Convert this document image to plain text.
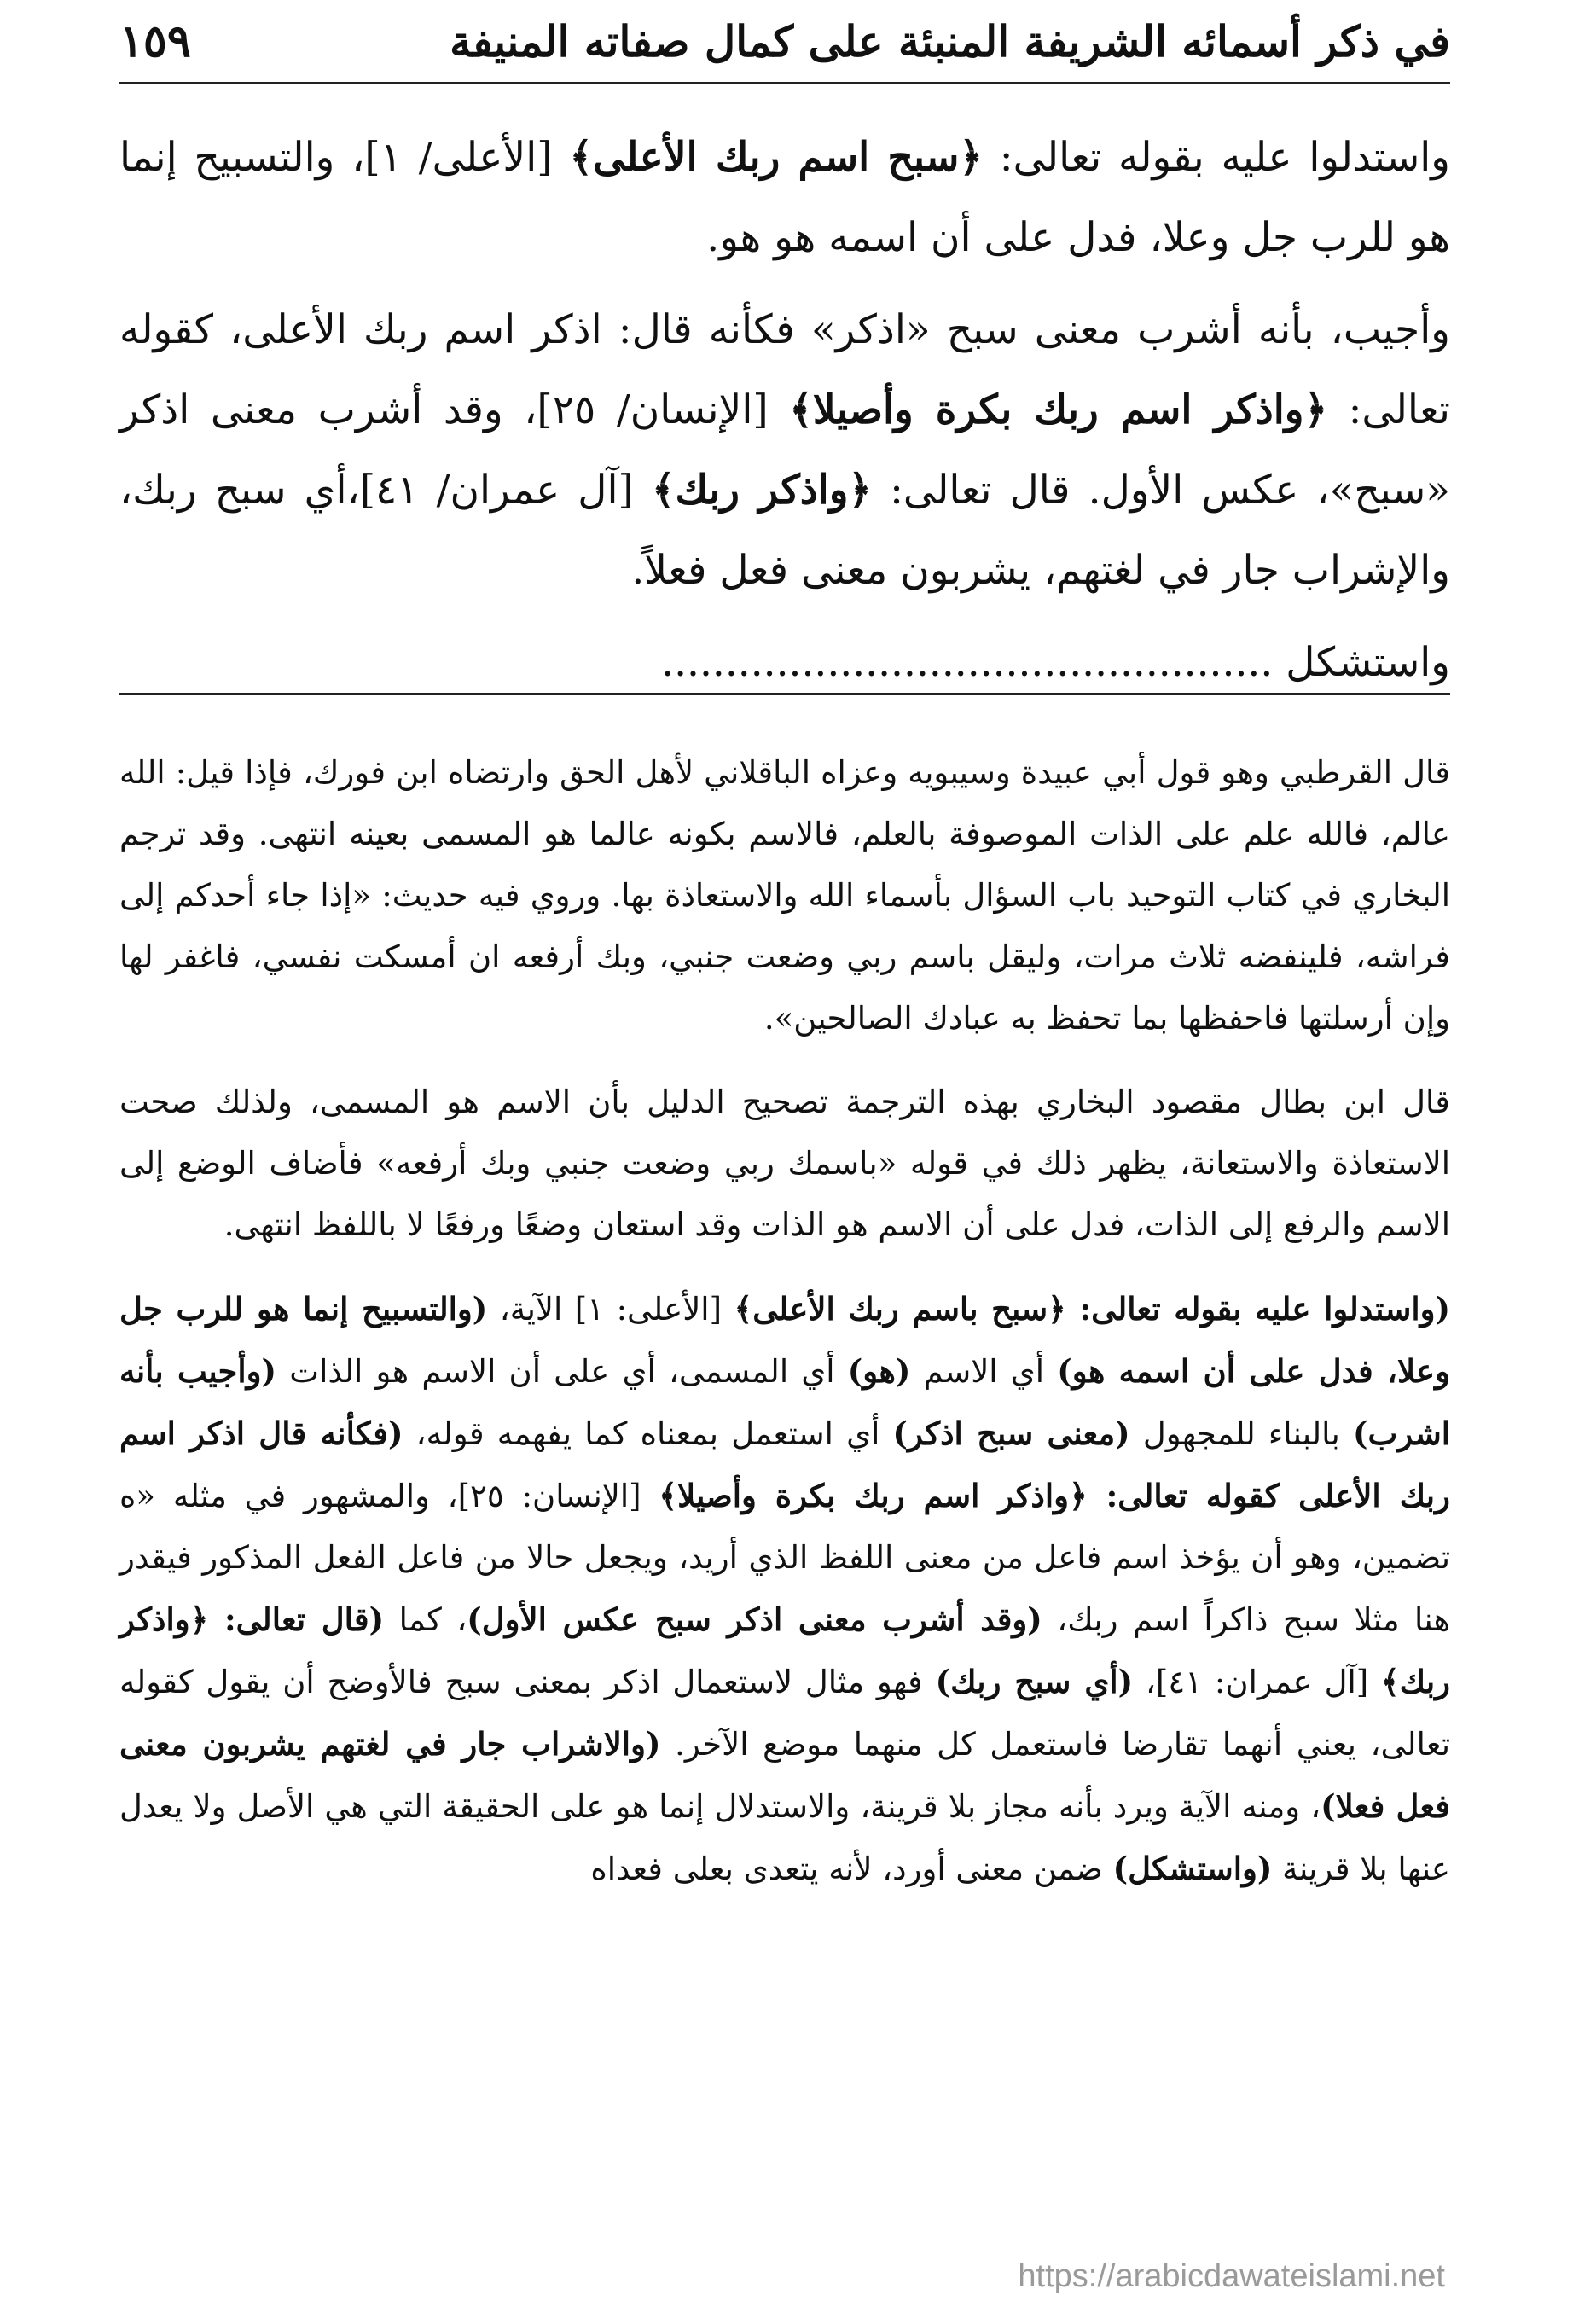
في ذكر أسمائه الشريفة المنبئة على كمال صفاته المنيفة
١٥٩

واستدلوا عليه بقوله تعالى: ﴿سبح اسم ربك الأعلى﴾ [الأعلى/ ١]، والتسبيح إنما هو للرب جل وعلا، فدل على أن اسمه هو هو.

وأجيب، بأنه أشرب معنى سبح «اذكر» فكأنه قال: اذكر اسم ربك الأعلى، كقوله تعالى: ﴿واذكر اسم ربك بكرة وأصيلا﴾ [الإنسان/ ٢٥]، وقد أشرب معنى اذكر «سبح»، عكس الأول. قال تعالى: ﴿واذكر ربك﴾ [آل عمران/ ٤١]،أي سبح ربك، والإشراب جار في لغتهم، يشربون معنى فعل فعلاً.

واستشكل ................................................

قال القرطبي وهو قول أبي عبيدة وسيبويه وعزاه الباقلاني لأهل الحق وارتضاه ابن فورك، فإذا قيل: الله عالم، فالله علم على الذات الموصوفة بالعلم، فالاسم بكونه عالما هو المسمى بعينه انتهى. وقد ترجم البخاري في كتاب التوحيد باب السؤال بأسماء الله والاستعاذة بها. وروي فيه حديث: «إذا جاء أحدكم إلى فراشه، فلينفضه ثلاث مرات، وليقل باسم ربي وضعت جنبي، وبك أرفعه ان أمسكت نفسي، فاغفر لها وإن أرسلتها فاحفظها بما تحفظ به عبادك الصالحين».

قال ابن بطال مقصود البخاري بهذه الترجمة تصحيح الدليل بأن الاسم هو المسمى، ولذلك صحت الاستعاذة والاستعانة، يظهر ذلك في قوله «باسمك ربي وضعت جنبي وبك أرفعه» فأضاف الوضع إلى الاسم والرفع إلى الذات، فدل على أن الاسم هو الذات وقد استعان وضعًا ورفعًا لا باللفظ انتهى.

(واستدلوا عليه بقوله تعالى: ﴿سبح باسم ربك الأعلى﴾ [الأعلى: ١] الآية، (والتسبيح إنما هو للرب جل وعلا، فدل على أن اسمه هو) أي الاسم (هو) أي المسمى، أي على أن الاسم هو الذات (وأجيب بأنه اشرب) بالبناء للمجهول (معنى سبح اذكر) أي استعمل بمعناه كما يفهمه قوله، (فكأنه قال اذكر اسم ربك الأعلى كقوله تعالى: ﴿واذكر اسم ربك بكرة وأصيلا﴾ [الإنسان: ٢٥]، والمشهور في مثله «ه تضمين، وهو أن يؤخذ اسم فاعل من معنى اللفظ الذي أريد، ويجعل حالا من فاعل الفعل المذكور فيقدر هنا مثلا سبح ذاكراً اسم ربك، (وقد أشرب معنى اذكر سبح عكس الأول)، كما (قال تعالى: ﴿واذكر ربك﴾ [آل عمران: ٤١]، (أي سبح ربك) فهو مثال لاستعمال اذكر بمعنى سبح فالأوضح أن يقول كقوله تعالى، يعني أنهما تقارضا فاستعمل كل منهما موضع الآخر. (والاشراب جار في لغتهم يشربون معنى فعل فعلا)، ومنه الآية ويرد بأنه مجاز بلا قرينة، والاستدلال إنما هو على الحقيقة التي هي الأصل ولا يعدل عنها بلا قرينة (واستشكل) ضمن معنى أورد، لأنه يتعدى بعلى فعداه

https://arabicdawateislami.net
